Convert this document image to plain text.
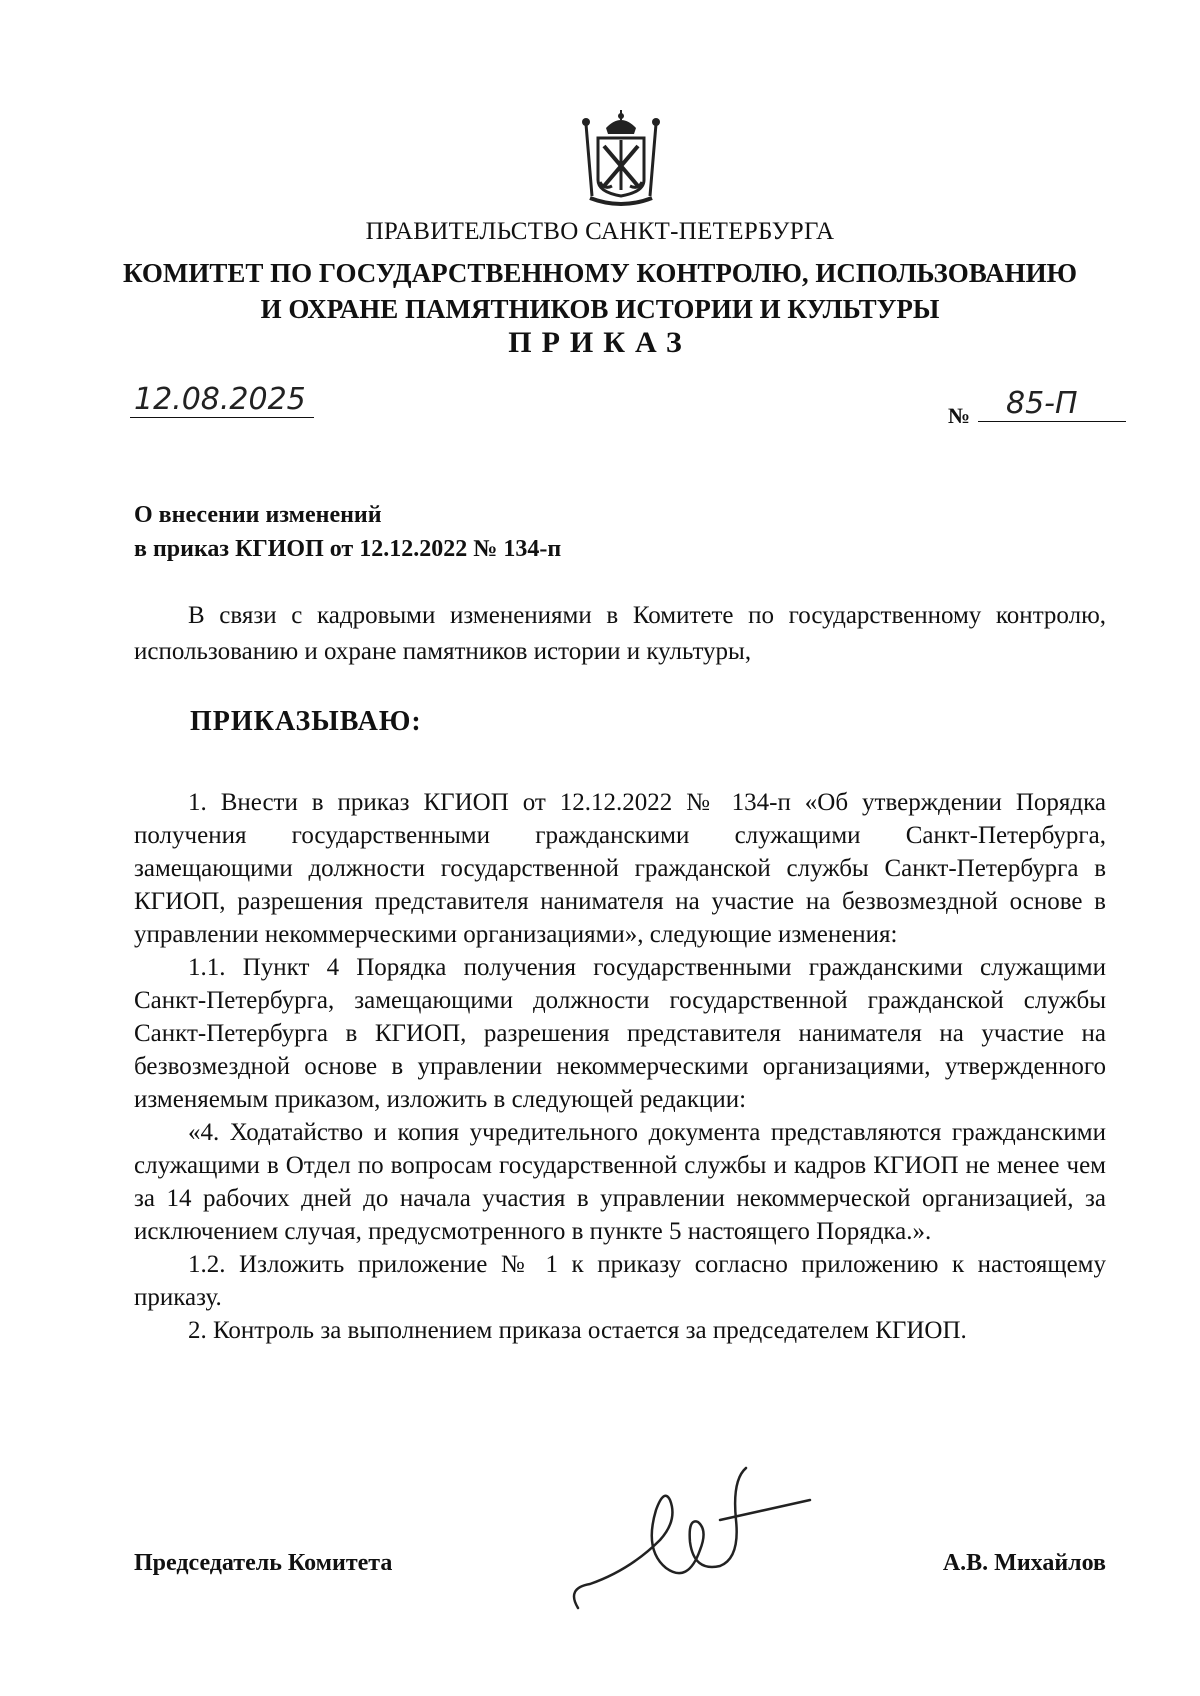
ПРАВИТЕЛЬСТВО САНКТ-ПЕТЕРБУРГА
КОМИТЕТ ПО ГОСУДАРСТВЕННОМУ КОНТРОЛЮ, ИСПОЛЬЗОВАНИЮ
И ОХРАНЕ ПАМЯТНИКОВ ИСТОРИИ И КУЛЬТУРЫ
ПРИКАЗ
12.08.2025	№	85-П
О внесении изменений
в приказ КГИОП от 12.12.2022 № 134-п
В связи с кадровыми изменениями в Комитете по государственному контролю, использованию и охране памятников истории и культуры,
ПРИКАЗЫВАЮ:

1. Внести в приказ КГИОП от 12.12.2022 № 134-п «Об утверждении Порядка получения государственными гражданскими служащими Санкт-Петербурга, замещающими должности государственной гражданской службы Санкт-Петербурга в КГИОП, разрешения представителя нанимателя на участие на безвозмездной основе в управлении некоммерческими организациями», следующие изменения:

1.1. Пункт 4 Порядка получения государственными гражданскими служащими Санкт-Петербурга, замещающими должности государственной гражданской службы Санкт-Петербурга в КГИОП, разрешения представителя нанимателя на участие на безвозмездной основе в управлении некоммерческими организациями, утвержденного изменяемым приказом, изложить в следующей редакции:

«4. Ходатайство и копия учредительного документа представляются гражданскими служащими в Отдел по вопросам государственной службы и кадров КГИОП не менее чем за 14 рабочих дней до начала участия в управлении некоммерческой организацией, за исключением случая, предусмотренного в пункте 5 настоящего Порядка.».

1.2. Изложить приложение № 1 к приказу согласно приложению к настоящему приказу.

2. Контроль за выполнением приказа остается за председателем КГИОП.

Председатель Комитета	А.В. Михайлов
